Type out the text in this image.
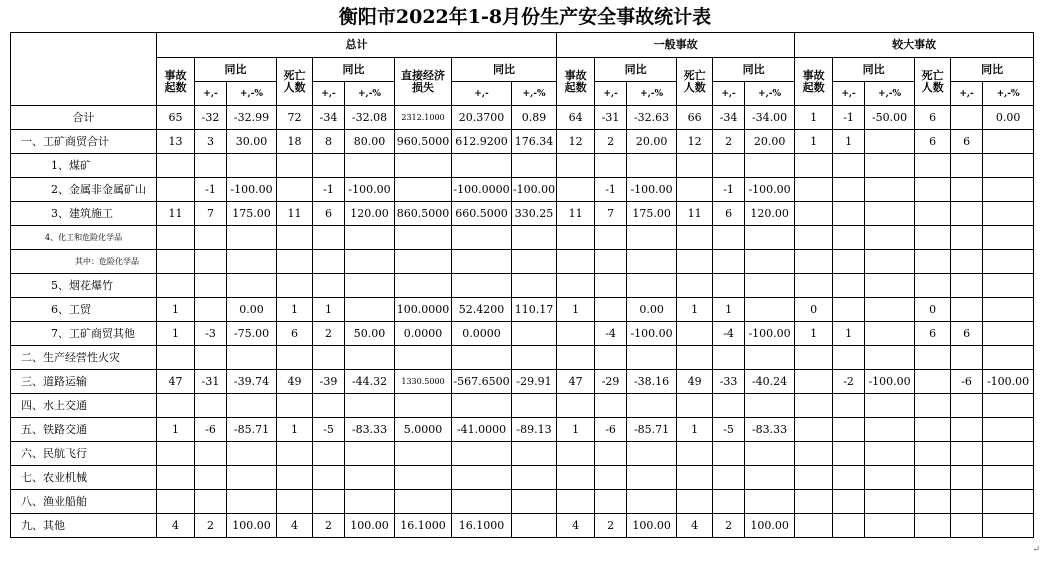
衡阳市2022年1-8月份生产安全事故统计表
	总计									一般事故						较大事故						

	事故起数	同比		死亡人数	同比		直接经济损失	同比		事故起数	同比		死亡人数	同比		事故起数	同比		死亡人数	同比		
		+,-	+,-%		+,-	+,-%		+,-	+,-%		+,-	+,-%		+,-	+,-%		+,-	+,-%		+,-	+,-%		
合计	65	-32	-32.99	72	-34	-32.08	2312.1000	20.3700	0.89	64	-31	-32.63	66	-34	-34.00	1	-1	-50.00	6		0.00	
一、工矿商贸合计	13	3	30.00	18	8	80.00	960.5000	612.9200	176.34	12	2	20.00	12	2	20.00	1	1		6	6		
1、煤矿																						
2、金属非金属矿山		-1	-100.00		-1	-100.00		-100.0000	-100.00		-1	-100.00		-1	-100.00							
3、建筑施工	11	7	175.00	11	6	120.00	860.5000	660.5000	330.25	11	7	175.00	11	6	120.00							
4、化工和危险化学品																						
其中：危险化学品																						
5、烟花爆竹																						
6、工贸	1		0.00	1	1		100.0000	52.4200	110.17	1		0.00	1	1		0			0			
7、工矿商贸其他	1	-3	-75.00	6	2	50.00	0.0000	0.0000			-4	-100.00		-4	-100.00	1	1		6	6		
二、生产经营性火灾																						
三、道路运输	47	-31	-39.74	49	-39	-44.32	1330.5000	-567.6500	-29.91	47	-29	-38.16	49	-33	-40.24		-2	-100.00		-6	-100.00	
四、水上交通																						
五、铁路交通	1	-6	-85.71	1	-5	-83.33	5.0000	-41.0000	-89.13	1	-6	-85.71	1	-5	-83.33							
六、民航飞行																						
七、农业机械																						
八、渔业船舶																						
九、其他	4	2	100.00	4	2	100.00	16.1000	16.1000		4	2	100.00	4	2	100.00							
↵
